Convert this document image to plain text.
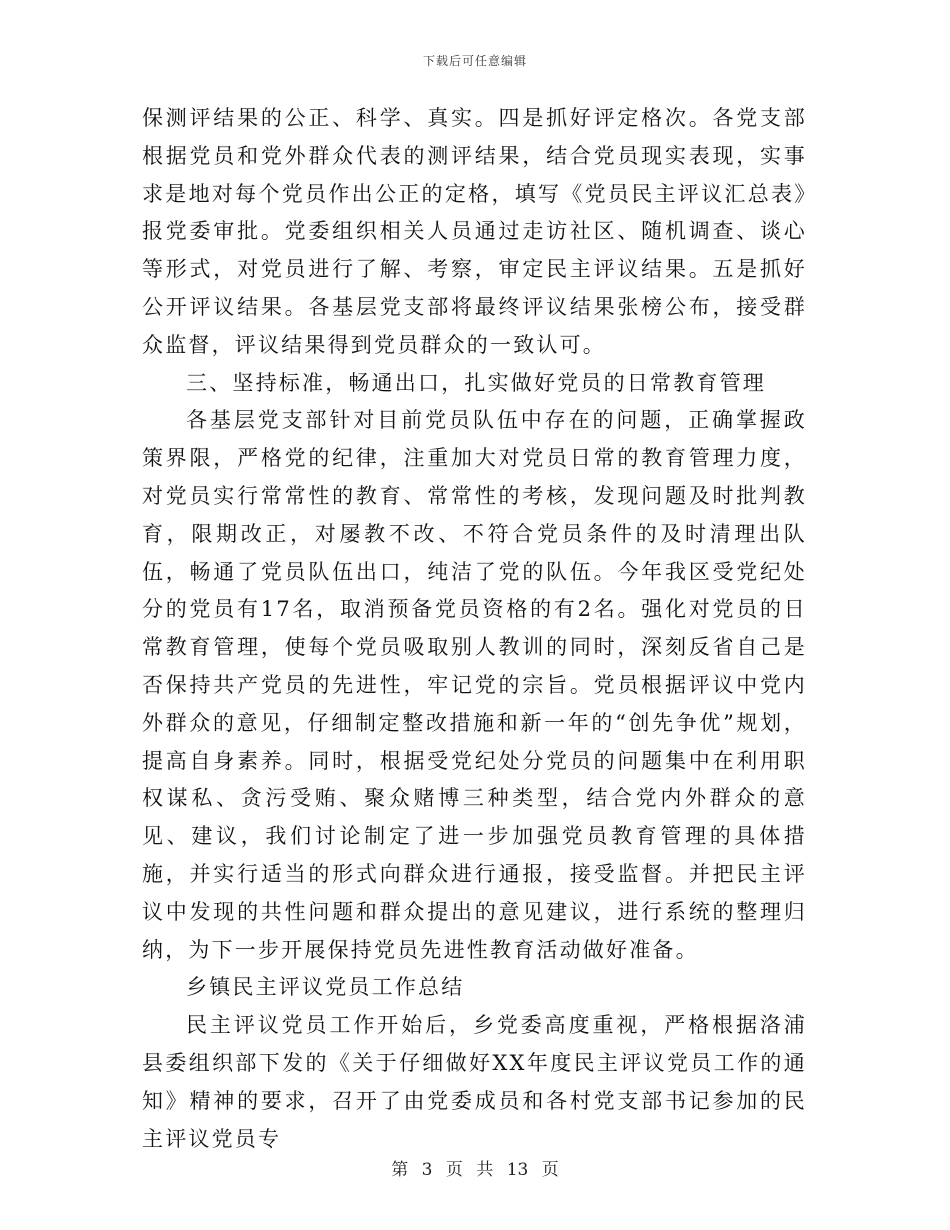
下载后可任意编辑

保测评结果的公正、科学、真实。四是抓好评定格次。各党支部根据党员和党外群众代表的测评结果，结合党员现实表现，实事求是地对每个党员作出公正的定格，填写《党员民主评议汇总表》报党委审批。党委组织相关人员通过走访社区、随机调查、谈心等形式，对党员进行了解、考察，审定民主评议结果。五是抓好公开评议结果。各基层党支部将最终评议结果张榜公布，接受群众监督，评议结果得到党员群众的一致认可。

三、坚持标准，畅通出口，扎实做好党员的日常教育管理

各基层党支部针对目前党员队伍中存在的问题，正确掌握政策界限，严格党的纪律，注重加大对党员日常的教育管理力度，对党员实行常常性的教育、常常性的考核，发现问题及时批判教育，限期改正，对屡教不改、不符合党员条件的及时清理出队伍，畅通了党员队伍出口，纯洁了党的队伍。今年我区受党纪处分的党员有17名，取消预备党员资格的有2名。强化对党员的日常教育管理，使每个党员吸取别人教训的同时，深刻反省自己是否保持共产党员的先进性，牢记党的宗旨。党员根据评议中党内外群众的意见，仔细制定整改措施和新一年的“创先争优”规划，提高自身素养。同时，根据受党纪处分党员的问题集中在利用职权谋私、贪污受贿、聚众赌博三种类型，结合党内外群众的意见、建议，我们讨论制定了进一步加强党员教育管理的具体措施，并实行适当的形式向群众进行通报，接受监督。并把民主评议中发现的共性问题和群众提出的意见建议，进行系统的整理归纳，为下一步开展保持党员先进性教育活动做好准备。

乡镇民主评议党员工作总结

民主评议党员工作开始后，乡党委高度重视，严格根据洛浦县委组织部下发的《关于仔细做好XX年度民主评议党员工作的通知》精神的要求，召开了由党委成员和各村党支部书记参加的民主评议党员专

第 3 页 共 13 页
